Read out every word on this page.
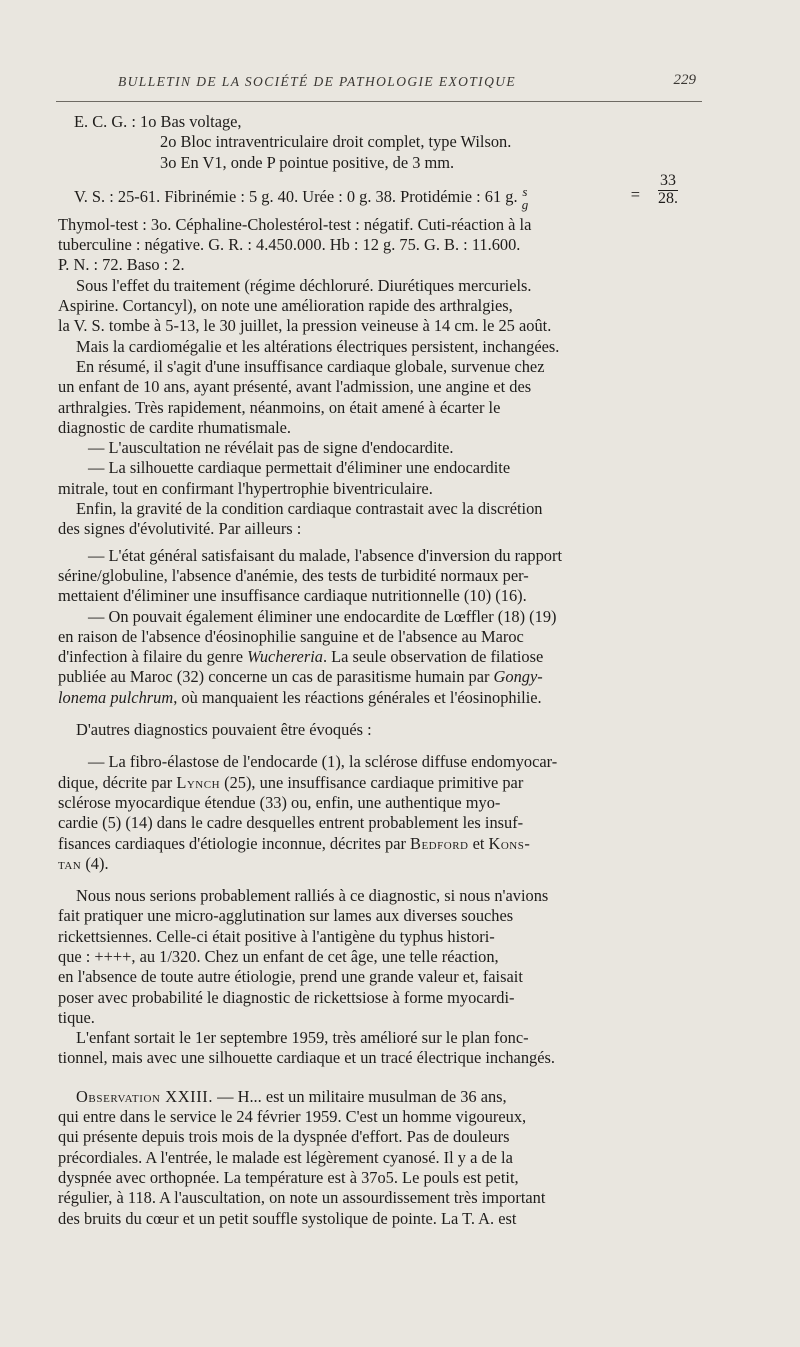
BULLETIN DE LA SOCIÉTÉ DE PATHOLOGIE EXOTIQUE	229
E. C. G. : 1o Bas voltage,
2o Bloc intraventriculaire droit complet, type Wilson.
3o En V1, onde P pointue positive, de 3 mm.
V. S. : 25-61. Fibrinémie : 5 g. 40. Urée : 0 g. 38. Protidémie : 61 g. s
g
= $\frac{33}{28.}$
Thymol-test : 3o. Céphaline-Cholestérol-test : négatif. Cuti-réaction à la
tuberculine : négative. G. R. : 4.450.000. Hb : 12 g. 75. G. B. : 11.600.
P. N. : 72. Baso : 2.
Sous l'effet du traitement (régime déchloruré. Diurétiques mercuriels.
Aspirine. Cortancyl), on note une amélioration rapide des arthralgies,
la V. S. tombe à 5-13, le 30 juillet, la pression veineuse à 14 cm. le 25 août.
Mais la cardiomégalie et les altérations électriques persistent, inchangées.
En résumé, il s'agit d'une insuffisance cardiaque globale, survenue chez
un enfant de 10 ans, ayant présenté, avant l'admission, une angine et des
arthralgies. Très rapidement, néanmoins, on était amené à écarter le
diagnostic de cardite rhumatismale.
— L'auscultation ne révélait pas de signe d'endocardite.
— La silhouette cardiaque permettait d'éliminer une endocardite
mitrale, tout en confirmant l'hypertrophie biventriculaire.
Enfin, la gravité de la condition cardiaque contrastait avec la discrétion
des signes d'évolutivité. Par ailleurs :
— L'état général satisfaisant du malade, l'absence d'inversion du rapport
sérine/globuline, l'absence d'anémie, des tests de turbidité normaux per-
mettaient d'éliminer une insuffisance cardiaque nutritionnelle (10) (16).
— On pouvait également éliminer une endocardite de Lœffler (18) (19)
en raison de l'absence d'éosinophilie sanguine et de l'absence au Maroc
d'infection à filaire du genre Wuchereria. La seule observation de filatiose
publiée au Maroc (32) concerne un cas de parasitisme humain par Gongy-
lonema pulchrum, où manquaient les réactions générales et l'éosinophilie.
D'autres diagnostics pouvaient être évoqués :
— La fibro-élastose de l'endocarde (1), la sclérose diffuse endomyocar-
dique, décrite par Lynch (25), une insuffisance cardiaque primitive par
sclérose myocardique étendue (33) ou, enfin, une authentique myo-
cardie (5) (14) dans le cadre desquelles entrent probablement les insuf-
fisances cardiaques d'étiologie inconnue, décrites par Bedford et Kons-
tan (4).
Nous nous serions probablement ralliés à ce diagnostic, si nous n'avions
fait pratiquer une micro-agglutination sur lames aux diverses souches
rickettsiennes. Celle-ci était positive à l'antigène du typhus histori-
que : ++++, au 1/320. Chez un enfant de cet âge, une telle réaction,
en l'absence de toute autre étiologie, prend une grande valeur et, faisait
poser avec probabilité le diagnostic de rickettsiose à forme myocardi-
tique.
L'enfant sortait le 1er septembre 1959, très amélioré sur le plan fonc-
tionnel, mais avec une silhouette cardiaque et un tracé électrique inchangés.
Observation XXIII. — H... est un militaire musulman de 36 ans,
qui entre dans le service le 24 février 1959. C'est un homme vigoureux,
qui présente depuis trois mois de la dyspnée d'effort. Pas de douleurs
précordiales. A l'entrée, le malade est légèrement cyanosé. Il y a de la
dyspnée avec orthopnée. La température est à 37o5. Le pouls est petit,
régulier, à 118. A l'auscultation, on note un assourdissement très important
des bruits du cœur et un petit souffle systolique de pointe. La T. A. est
